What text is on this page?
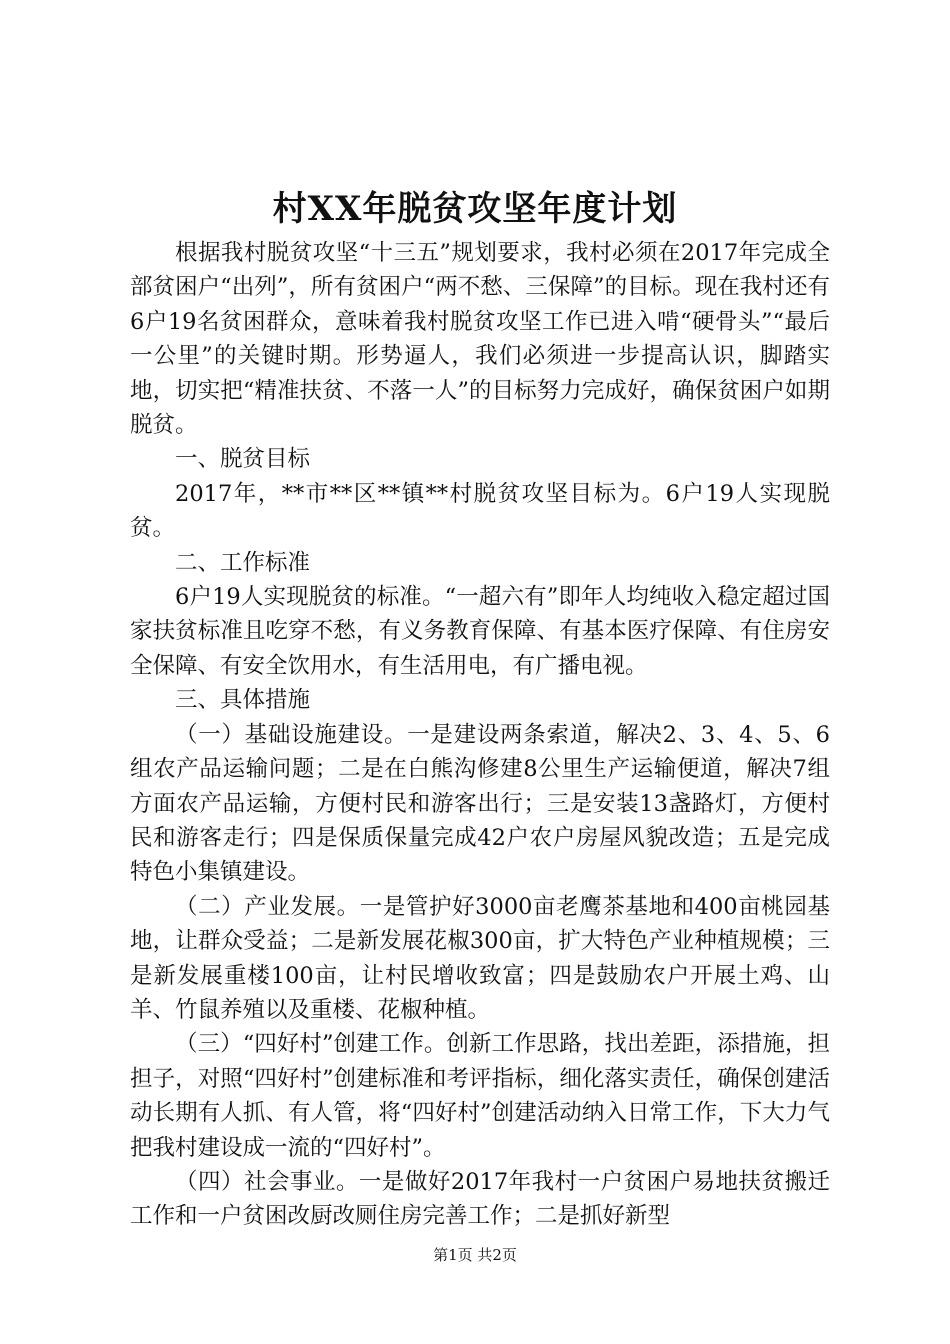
村XX年脱贫攻坚年度计划

根据我村脱贫攻坚“十三五”规划要求，我村必须在2017年完成全部贫困户“出列”，所有贫困户“两不愁、三保障”的目标。现在我村还有6户19名贫困群众，意味着我村脱贫攻坚工作已进入啃“硬骨头”“最后一公里”的关键时期。形势逼人，我们必须进一步提高认识，脚踏实地，切实把“精准扶贫、不落一人”的目标努力完成好，确保贫困户如期脱贫。

一、脱贫目标

2017年，**市**区**镇**村脱贫攻坚目标为。6户19人实现脱贫。

二、工作标准

6户19人实现脱贫的标准。“一超六有”即年人均纯收入稳定超过国家扶贫标准且吃穿不愁，有义务教育保障、有基本医疗保障、有住房安全保障、有安全饮用水，有生活用电，有广播电视。

三、具体措施

（一）基础设施建设。一是建设两条索道，解决2、3、4、5、6组农产品运输问题；二是在白熊沟修建8公里生产运输便道，解决7组方面农产品运输，方便村民和游客出行；三是安装13盏路灯，方便村民和游客走行；四是保质保量完成42户农户房屋风貌改造；五是完成特色小集镇建设。

（二）产业发展。一是管护好3000亩老鹰茶基地和400亩桃园基地，让群众受益；二是新发展花椒300亩，扩大特色产业种植规模；三是新发展重楼100亩，让村民增收致富；四是鼓励农户开展土鸡、山羊、竹鼠养殖以及重楼、花椒种植。

（三）“四好村”创建工作。创新工作思路，找出差距，添措施，担担子，对照“四好村”创建标准和考评指标，细化落实责任，确保创建活动长期有人抓、有人管，将“四好村”创建活动纳入日常工作，下大力气把我村建设成一流的“四好村”。

（四）社会事业。一是做好2017年我村一户贫困户易地扶贫搬迁工作和一户贫困改厨改厕住房完善工作；二是抓好新型

第1页 共2页
